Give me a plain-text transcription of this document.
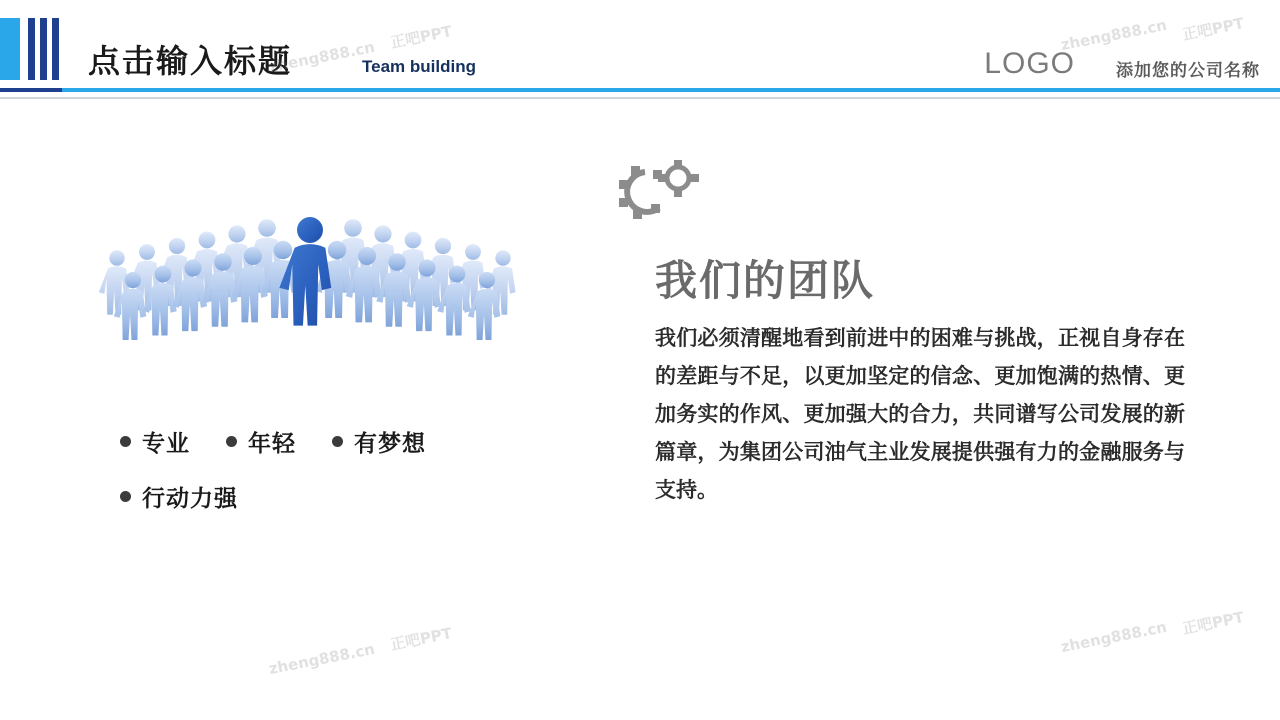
点击输入标题	Team building	LOGO 添加您的公司名称
专业	年轻	有梦想
行动力强
我们的团队
我们必须清醒地看到前进中的困难与挑战，正视自身存在的差距与不足，以更加坚定的信念、更加饱满的热情、更加务实的作风、更加强大的合力，共同谱写公司发展的新篇章，为集团公司油气主业发展提供强有力的金融服务与支持。
zheng888.cn
正吧PPT	zheng888.cn 正吧PPT
zheng888.cn
正吧PPT	zheng888.cn 正吧PPT
